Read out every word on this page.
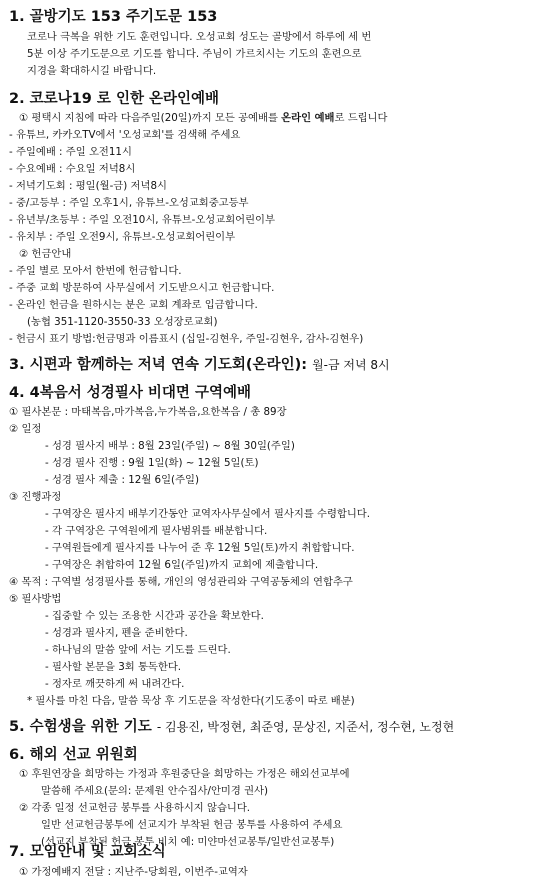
1. 골방기도 153 주기도문 153
코로나 극복을 위한 기도 훈련입니다. 오성교회 성도는 골방에서 하루에 세 번
5분 이상 주기도문으로 기도를 합니다. 주님이 가르치시는 기도의 훈련으로
지경을 확대하시길 바랍니다.
2. 코로나19 로 인한 온라인예배
① 평택시 지침에 따라 다음주일(20일)까지 모든 공예배를 온라인 예배로 드립니다
- 유튜브, 카카오TV에서 '오성교회'를 검색해 주세요
- 주일예배 : 주일 오전11시
- 수요예배 : 수요일 저녁8시
- 저녁기도회 : 평일(월-금) 저녁8시
- 중/고등부 : 주일 오후1시, 유튜브-오성교회중고등부
- 유년부/초등부 : 주일 오전10시, 유튜브-오성교회어린이부
- 유치부 : 주일 오전9시, 유튜브-오성교회어린이부
② 헌금안내
- 주일 별로 모아서 한번에 헌금합니다.
- 주중 교회 방문하여 사무실에서 기도받으시고 헌금합니다.
- 온라인 헌금을 원하시는 분은 교회 계좌로 입금합니다.
(농협 351-1120-3550-33 오성장로교회)
- 헌금시 표기 방법:헌금명과 이름표시 (십일-김현우, 주일-김현우, 감사-김현우)
3. 시편과 함께하는 저녁 연속 기도회(온라인): 월-금 저녁 8시
4. 4복음서 성경필사 비대면 구역예배
① 필사본문 : 마태복음,마가복음,누가복음,요한복음 / 총 89장
② 일정
- 성경 필사지 배부 : 8월 23일(주일) ~ 8월 30일(주일)
- 성경 필사 진행 : 9월 1일(화) ~ 12월 5일(토)
- 성경 필사 제출 : 12월 6일(주일)
③ 진행과정
- 구역장은 필사지 배부기간동안 교역자사무실에서 필사지를 수령합니다.
- 각 구역장은 구역원에게 필사범위를 배분합니다.
- 구역원들에게 필사지를 나누어 준 후 12월 5일(토)까지 취합합니다.
- 구역장은 취합하여 12월 6일(주일)까지 교회에 제출합니다.
④ 목적 : 구역별 성경필사를 통해, 개인의 영성관리와 구역공동체의 연합추구
⑤ 필사방법
- 집중할 수 있는 조용한 시간과 공간을 확보한다.
- 성경과 필사지, 펜을 준비한다.
- 하나님의 말씀 앞에 서는 기도를 드린다.
- 필사할 본문을 3회 통독한다.
- 정자로 깨끗하게 써 내려간다.
* 필사를 마친 다음, 말씀 묵상 후 기도문을 작성한다(기도종이 따로 배분)
5. 수험생을 위한 기도 - 김용진, 박정현, 최준영, 문상진, 지준서, 정수현, 노정현
6. 해외 선교 위원회
① 후원연장을 희망하는 가정과 후원중단을 희망하는 가정은 해외선교부에
말씀해 주세요(문의: 문제원 안수집사/안미경 권사)
② 각종 일정 선교헌금 봉투를 사용하시지 않습니다.
일반 선교헌금봉투에 선교지가 부착된 헌금 봉투를 사용하여 주세요
(선교지 부착된 헌금 봉투 비치 예: 미얀마선교봉투/일반선교봉투)
7. 모임안내 및 교회소식
① 가정예배지 전달 : 지난주-당회원, 이번주-교역자
